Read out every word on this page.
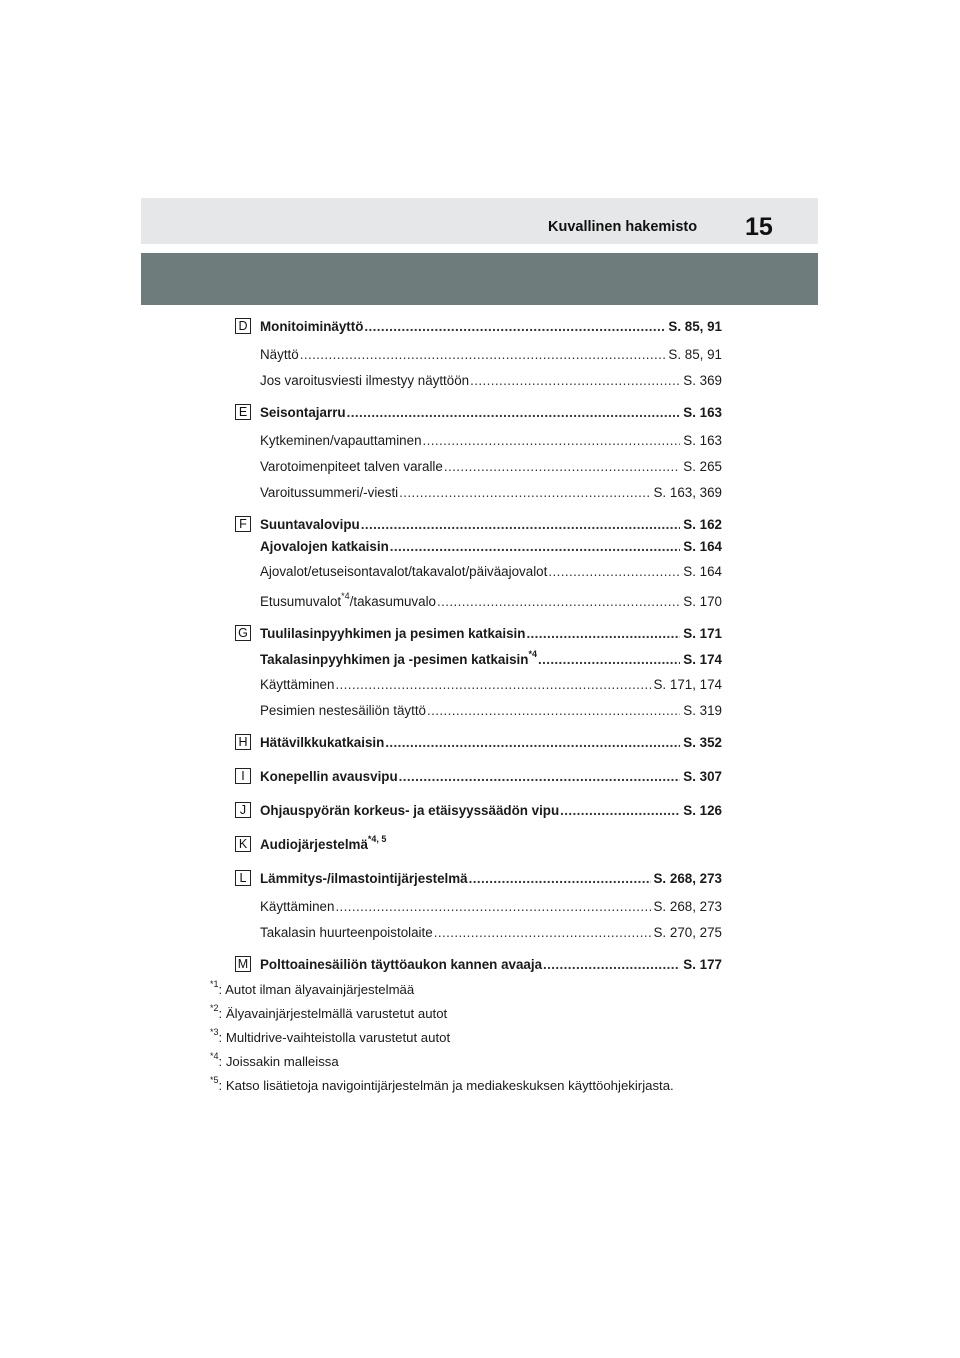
Kuvallinen hakemisto 15
D Monitoiminäyttö .....	S. 85, 91
Näyttö .....	S. 85, 91
Jos varoitusviesti ilmestyy näyttöön .....	S. 369
E Seisontajarru .....	S. 163
Kytkeminen/vapauttaminen .....	S. 163
Varotoimenpiteet talven varalle .....	S. 265
Varoitussummeri/-viesti .....	S. 163, 369
F Suuntavalovipu .....	S. 162
Ajovalojen katkaisin .....	S. 164
Ajovalot/etuseisontavalot/takavalot/päiväajovalot .....	S. 164
Etusumuvalot$^{*4}$/takasumuvalo .....	S. 170
G Tuulilasinpyyhkimen ja pesimen katkaisin .....	S. 171
Takalasinpyyhkimen ja -pesimen katkaisin$^{*4}$ .....	S. 174
Käyttäminen .....	S. 171, 174
Pesimien nestesäiliön täyttö .....	S. 319
H Hätävilkkukatkaisin .....	S. 352
I	Konepellin avausvipu .....	S. 307
J	Ohjauspyörän korkeus- ja etäisyyssäädön vipu .....	S. 126
K Audiojärjestelmä$^{*4, 5}$
L	Lämmitys-/ilmastointijärjestelmä .....	S. 268, 273
Käyttäminen .....	S. 268, 273
Takalasin huurteenpoistolaite .....	S. 270, 275
M Polttoainesäiliön täyttöaukon kannen avaaja .....	S. 177
$^{*1}$: Autot ilman älyavainjärjestelmää
$^{*2}$: Älyavainjärjestelmällä varustetut autot
$^{*3}$: Multidrive-vaihteistolla varustetut autot
$^{*4}$: Joissakin malleissa
$^{*5}$: Katso lisätietoja navigointijärjestelmän ja mediakeskuksen käyttöohjekirjasta.
